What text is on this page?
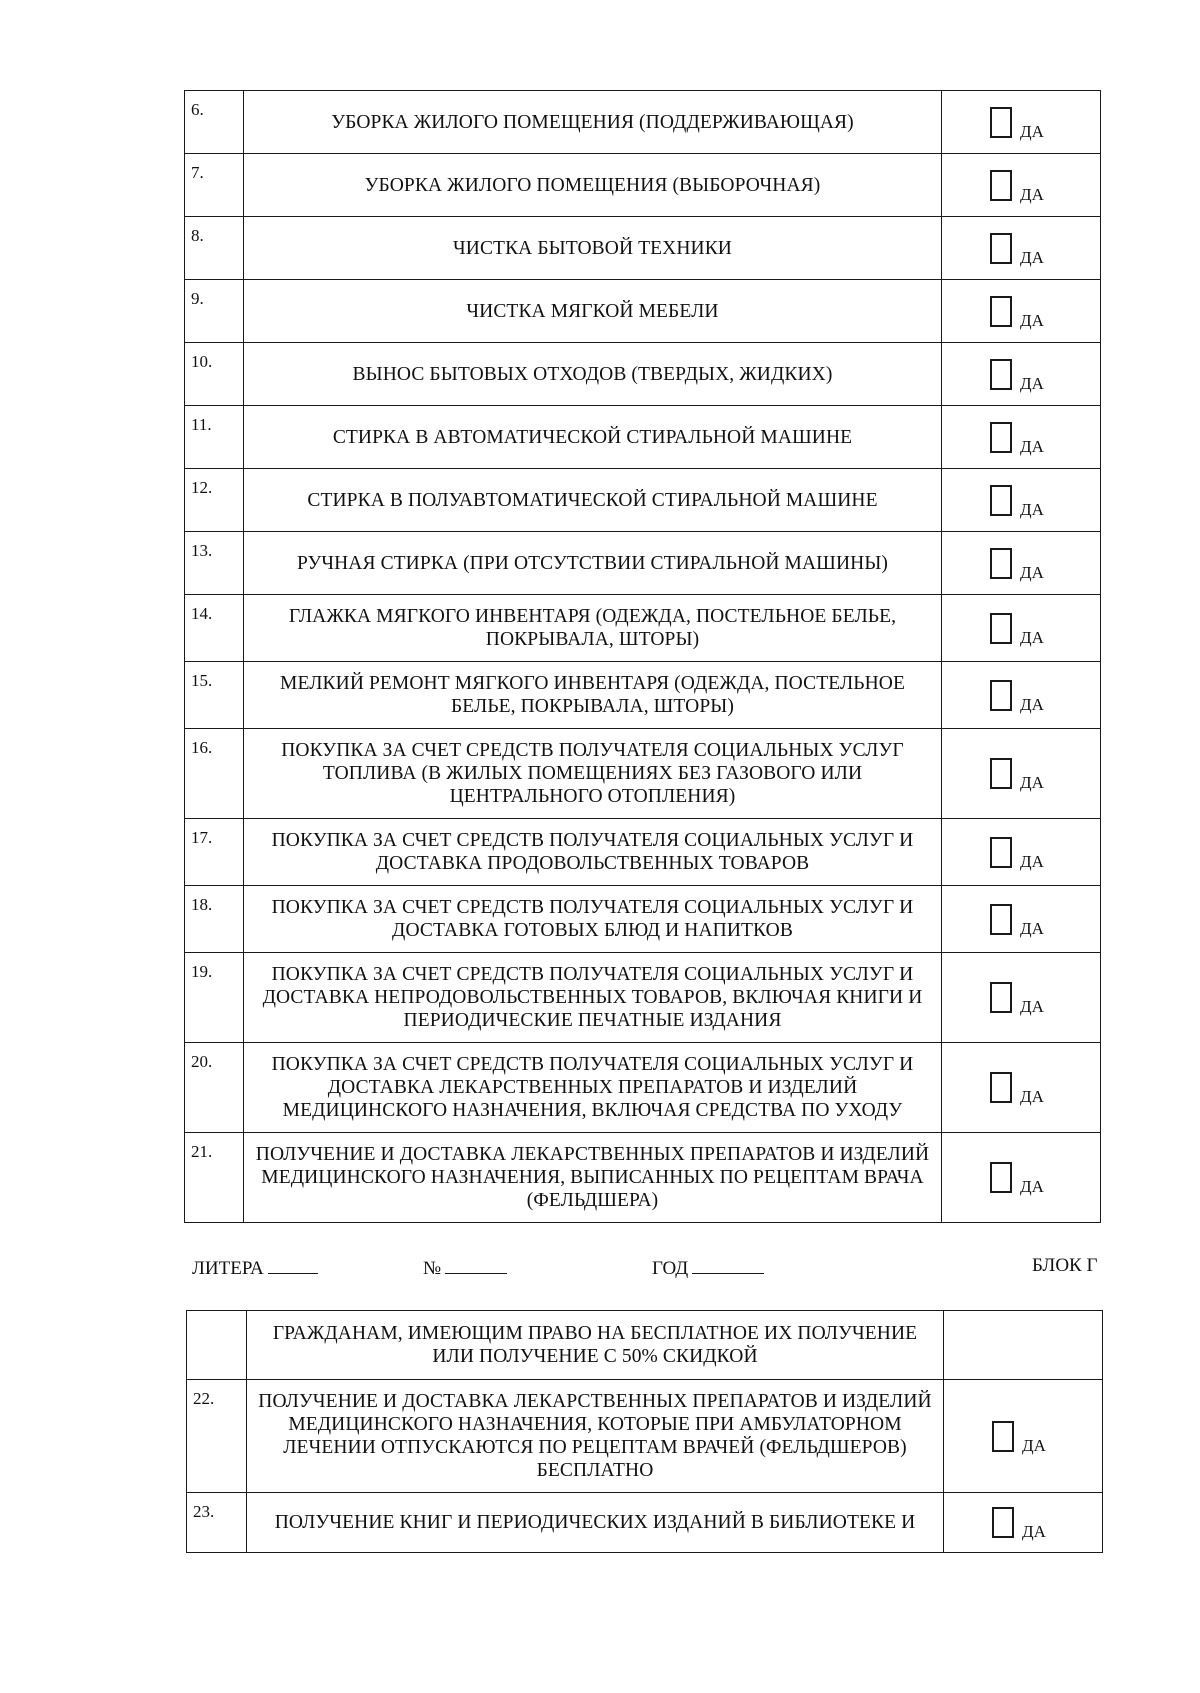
6.	УБОРКА ЖИЛОГО ПОМЕЩЕНИЯ (ПОДДЕРЖИВАЮЩАЯ)	ДА

7.	УБОРКА ЖИЛОГО ПОМЕЩЕНИЯ (ВЫБОРОЧНАЯ)	ДА

8.	ЧИСТКА БЫТОВОЙ ТЕХНИКИ	ДА

9.	ЧИСТКА МЯГКОЙ МЕБЕЛИ	ДА

10.	ВЫНОС БЫТОВЫХ ОТХОДОВ (ТВЕРДЫХ, ЖИДКИХ)	ДА

11.	СТИРКА В АВТОМАТИЧЕСКОЙ СТИРАЛЬНОЙ МАШИНЕ	ДА

12.	СТИРКА В ПОЛУАВТОМАТИЧЕСКОЙ СТИРАЛЬНОЙ МАШИНЕ	ДА

13.	РУЧНАЯ СТИРКА (ПРИ ОТСУТСТВИИ СТИРАЛЬНОЙ МАШИНЫ)	ДА

14.	ГЛАЖКА МЯГКОГО ИНВЕНТАРЯ (ОДЕЖДА, ПОСТЕЛЬНОЕ БЕЛЬЕ, ПОКРЫВАЛА, ШТОРЫ)	ДА

15.	МЕЛКИЙ РЕМОНТ МЯГКОГО ИНВЕНТАРЯ (ОДЕЖДА, ПОСТЕЛЬНОЕ БЕЛЬЕ, ПОКРЫВАЛА, ШТОРЫ)	ДА

16.	ПОКУПКА ЗА СЧЕТ СРЕДСТВ ПОЛУЧАТЕЛЯ СОЦИАЛЬНЫХ УСЛУГ ТОПЛИВА (В ЖИЛЫХ ПОМЕЩЕНИЯХ БЕЗ ГАЗОВОГО ИЛИ ЦЕНТРАЛЬНОГО ОТОПЛЕНИЯ)	ДА

17.	ПОКУПКА ЗА СЧЕТ СРЕДСТВ ПОЛУЧАТЕЛЯ СОЦИАЛЬНЫХ УСЛУГ И ДОСТАВКА ПРОДОВОЛЬСТВЕННЫХ ТОВАРОВ	ДА

18.	ПОКУПКА ЗА СЧЕТ СРЕДСТВ ПОЛУЧАТЕЛЯ СОЦИАЛЬНЫХ УСЛУГ И ДОСТАВКА ГОТОВЫХ БЛЮД И НАПИТКОВ	ДА

19.	ПОКУПКА ЗА СЧЕТ СРЕДСТВ ПОЛУЧАТЕЛЯ СОЦИАЛЬНЫХ УСЛУГ И ДОСТАВКА НЕПРОДОВОЛЬСТВЕННЫХ ТОВАРОВ, ВКЛЮЧАЯ КНИГИ И ПЕРИОДИЧЕСКИЕ ПЕЧАТНЫЕ ИЗДАНИЯ	ДА

20.	ПОКУПКА ЗА СЧЕТ СРЕДСТВ ПОЛУЧАТЕЛЯ СОЦИАЛЬНЫХ УСЛУГ И ДОСТАВКА ЛЕКАРСТВЕННЫХ ПРЕПАРАТОВ И ИЗДЕЛИЙ МЕДИЦИНСКОГО НАЗНАЧЕНИЯ, ВКЛЮЧАЯ СРЕДСТВА ПО УХОДУ	ДА

21.	ПОЛУЧЕНИЕ И ДОСТАВКА ЛЕКАРСТВЕННЫХ ПРЕПАРАТОВ И ИЗДЕЛИЙ МЕДИЦИНСКОГО НАЗНАЧЕНИЯ, ВЫПИСАННЫХ ПО РЕЦЕПТАМ ВРАЧА (ФЕЛЬДШЕРА)	ДА
ЛИТЕРА	№	ГОД	БЛОК Г
	ГРАЖДАНАМ, ИМЕЮЩИМ ПРАВО НА БЕСПЛАТНОЕ ИХ ПОЛУЧЕНИЕ ИЛИ ПОЛУЧЕНИЕ С 50% СКИДКОЙ	
22.	ПОЛУЧЕНИЕ И ДОСТАВКА ЛЕКАРСТВЕННЫХ ПРЕПАРАТОВ И ИЗДЕЛИЙ МЕДИЦИНСКОГО НАЗНАЧЕНИЯ, КОТОРЫЕ ПРИ АМБУЛАТОРНОМ ЛЕЧЕНИИ ОТПУСКАЮТСЯ ПО РЕЦЕПТАМ ВРАЧЕЙ (ФЕЛЬДШЕРОВ) БЕСПЛАТНО	ДА

23.	ПОЛУЧЕНИЕ КНИГ И ПЕРИОДИЧЕСКИХ ИЗДАНИЙ В БИБЛИОТЕКЕ И	ДА
